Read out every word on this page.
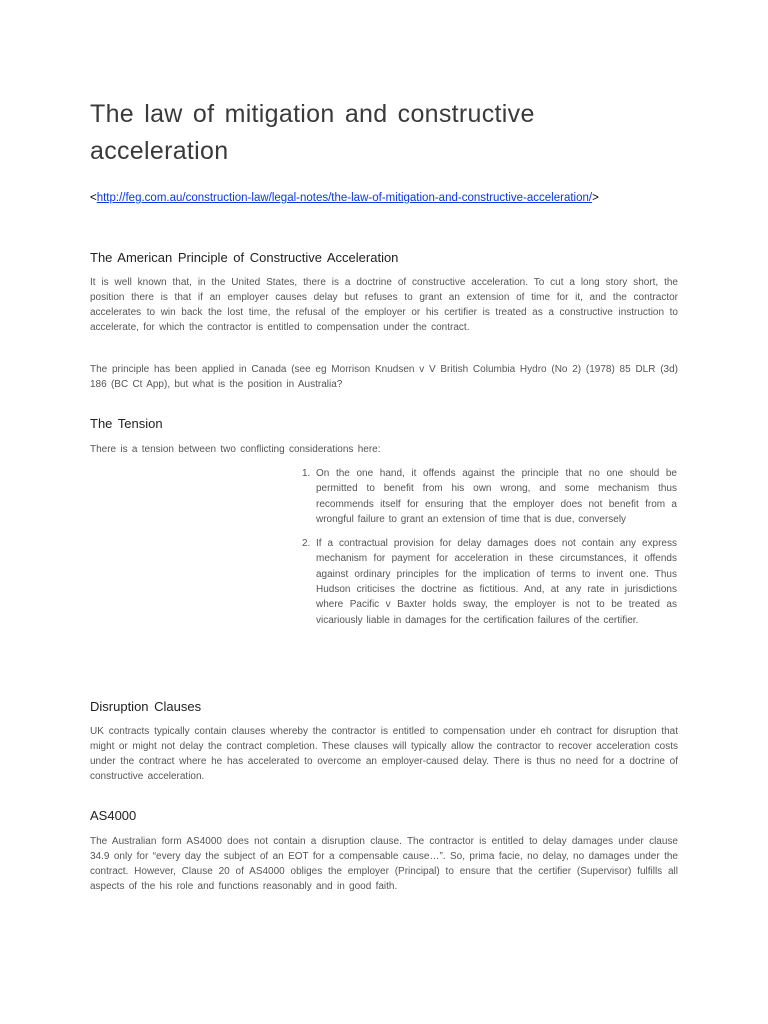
The law of mitigation and constructive acceleration
<http://feg.com.au/construction-law/legal-notes/the-law-of-mitigation-and-constructive-acceleration/>
The American Principle of Constructive Acceleration

It is well known that, in the United States, there is a doctrine of constructive acceleration. To cut a long story short, the position there is that if an employer causes delay but refuses to grant an extension of time for it, and the contractor accelerates to win back the lost time, the refusal of the employer or his certifier is treated as a constructive instruction to accelerate, for which the contractor is entitled to compensation under the contract.

The principle has been applied in Canada (see eg Morrison Knudsen v V British Columbia Hydro (No 2) (1978) 85 DLR (3d) 186 (BC Ct App), but what is the position in Australia?

The Tension

There is a tension between two conflicting considerations here:

1. On the one hand, it offends against the principle that no one should be permitted to benefit from his own wrong, and some mechanism thus recommends itself for ensuring that the employer does not benefit from a wrongful failure to grant an extension of time that is due, conversely
2. If a contractual provision for delay damages does not contain any express mechanism for payment for acceleration in these circumstances, it offends against ordinary principles for the implication of terms to invent one. Thus Hudson criticises the doctrine as fictitious. And, at any rate in jurisdictions where Pacific v Baxter holds sway, the employer is not to be treated as vicariously liable in damages for the certification failures of the certifier.
Disruption Clauses

UK contracts typically contain clauses whereby the contractor is entitled to compensation under eh contract for disruption that might or might not delay the contract completion. These clauses will typically allow the contractor to recover acceleration costs under the contract where he has accelerated to overcome an employer-caused delay. There is thus no need for a doctrine of constructive acceleration.

AS4000

The Australian form AS4000 does not contain a disruption clause. The contractor is entitled to delay damages under clause 34.9 only for “every day the subject of an EOT for a compensable cause…”. So, prima facie, no delay, no damages under the contract. However, Clause 20 of AS4000 obliges the employer (Principal) to ensure that the certifier (Supervisor) fulfills all aspects of the his role and functions reasonably and in good faith.
